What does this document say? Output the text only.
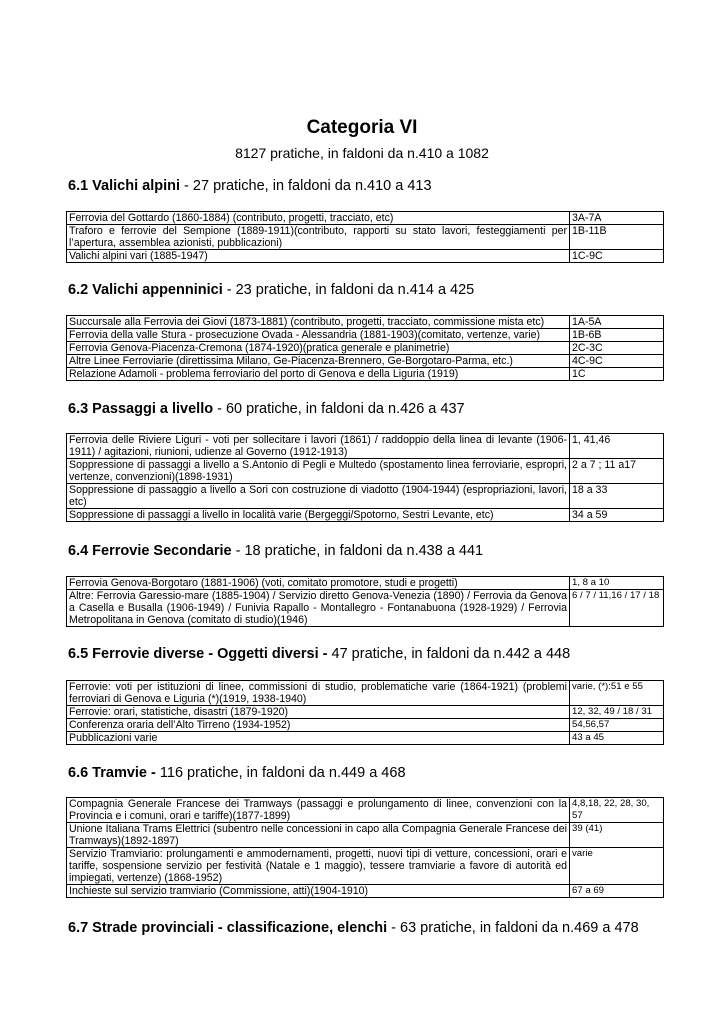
Categoria VI
8127 pratiche, in faldoni da n.410 a 1082
6.1 Valichi alpini - 27 pratiche, in faldoni da n.410 a 413
Ferrovia del Gottardo (1860-1884) (contributo, progetti, tracciato, etc)	3A-7A
Traforo e ferrovie del Sempione (1889-1911)(contributo, rapporti su stato lavori, festeggiamenti per l’apertura, assemblea azionisti, pubblicazioni)	1B-11B
Valichi alpini vari (1885-1947)	1C-9C
6.2 Valichi appenninici - 23 pratiche, in faldoni da n.414 a 425
Succursale alla Ferrovia dei Giovi (1873-1881) (contributo, progetti, tracciato, commissione mista etc)	1A-5A
Ferrovia della valle Stura - prosecuzione Ovada - Alessandria (1881-1903)(comitato, vertenze, varie)	1B-6B
Ferrovia Genova-Piacenza-Cremona (1874-1920)(pratica generale e planimetrie)	2C-3C
Altre Linee Ferroviarie (direttissima Milano, Ge-Piacenza-Brennero, Ge-Borgotaro-Parma, etc.)	4C-9C
Relazione Adamoli - problema ferroviario del porto di Genova e della Liguria (1919)	1C
6.3 Passaggi a livello - 60 pratiche, in faldoni da n.426 a 437
Ferrovia delle Riviere Liguri - voti per sollecitare i lavori (1861) / raddoppio della linea di levante (1906-1911) / agitazioni, riunioni, udienze al Governo (1912-1913)	1, 41,46
Soppressione di passaggi a livello a S.Antonio di Pegli e Multedo (spostamento linea ferroviarie, espropri, vertenze, convenzioni)(1898-1931)	2 a 7 ; 11 a17
Soppressione di passaggio a livello a Sori con costruzione di viadotto (1904-1944) (espropriazioni, lavori, etc)	18 a 33
Soppressione di passaggi a livello in località varie (Bergeggi/Spotorno, Sestri Levante, etc)	34 a 59
6.4 Ferrovie Secondarie - 18 pratiche, in faldoni da n.438 a 441
Ferrovia Genova-Borgotaro (1881-1906) (voti, comitato promotore, studi e progetti)	1, 8 a 10
Altre: Ferrovia Garessio-mare (1885-1904) / Servizio diretto Genova-Venezia (1890) / Ferrovia da Genova a Casella e Busalla (1906-1949) / Funivia Rapallo - Montallegro - Fontanabuona (1928-1929) / Ferrovia Metropolitana in Genova (comitato di studio)(1946)	6 / 7 / 11,16 / 17 / 18
6.5 Ferrovie diverse - Oggetti diversi - 47 pratiche, in faldoni da n.442 a 448
Ferrovie: voti per istituzioni di linee, commissioni di studio, problematiche varie (1864-1921) (problemi ferroviari di Genova e Liguria (*)(1919, 1938-1940)	varie, (*):51 e 55
Ferrovie: orari, statistiche, disastri (1879-1920)	12, 32, 49 / 18 / 31
Conferenza oraria dell’Alto Tirreno (1934-1952)	54,56,57
Pubblicazioni varie	43 a 45
6.6 Tramvie - 116 pratiche, in faldoni da n.449 a 468
Compagnia Generale Francese dei Tramways (passaggi e prolungamento di linee, convenzioni con la Provincia e i comuni, orari e tariffe)(1877-1899)	4,8,18, 22, 28, 30, 57
Unione Italiana Trams Elettrici (subentro nelle concessioni in capo alla Compagnia Generale Francese dei Tramways)(1892-1897)	39 (41)
Servizio Tramviario: prolungamenti e ammodernamenti, progetti, nuovi tipi di vetture, concessioni, orari e tariffe, sospensione servizio per festività (Natale e 1 maggio), tessere tramviarie a favore di autorità ed impiegati, vertenze) (1868-1952)	varie
Inchieste sul servizio tramviario (Commissione, atti)(1904-1910)	67 a 69
6.7 Strade provinciali - classificazione, elenchi - 63 pratiche, in faldoni da n.469 a 478
